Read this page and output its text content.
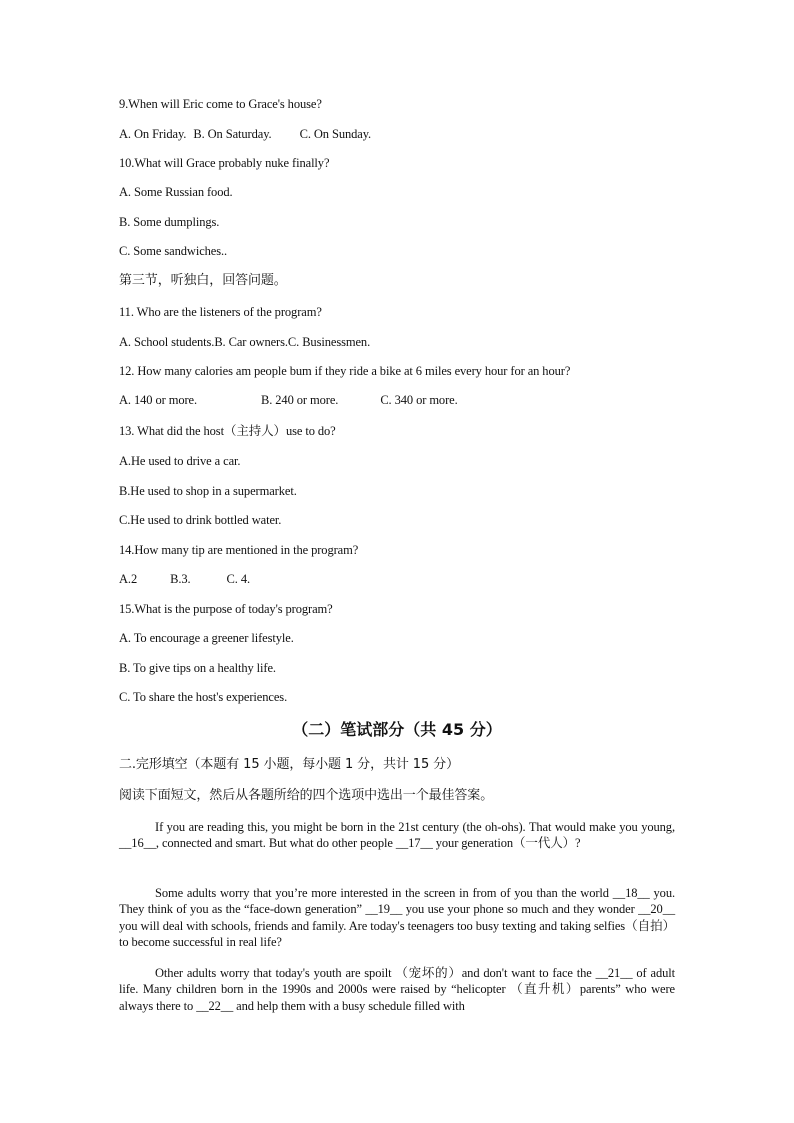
9.When will Eric come to Grace's house?
A. On Friday. B. On Saturday. C. On Sunday.
10.What will Grace probably nuke finally?
A. Some Russian food.
B. Some dumplings.
C. Some sandwiches..
第三节，听独白，回答问题。
11. Who are the listeners of the program?
A. School students.B. Car owners.C. Businessmen.
12. How many calories am people bum if they ride a bike at 6 miles every hour for an hour?
A. 140 or more.	B. 240 or more.	C. 340 or more.
13. What did the host（主持人）use to do?
A.He used to drive a car.
B.He used to shop in a supermarket.
C.He used to drink bottled water.
14.How many tip are mentioned in the program?
A.2	B.3.	C. 4.
15.What is the purpose of today's program?
A. To encourage a greener lifestyle.
B. To give tips on a healthy life.
C. To share the host's experiences.
（二）笔试部分（共 45 分）
二.完形填空（本题有 15 小题，每小题 1 分，共计 15 分）
阅读下面短文，然后从各题所给的四个选项中选出一个最佳答案。
If you are reading this, you might be born in the 21st century (the oh-ohs). That would make you young, __16__, connected and smart. But what do other people __17__ your generation（一代人）?
Some adults worry that you’re more interested in the screen in from of you than the world __18__ you. They think of you as the “face-down generation” __19__ you use your phone so much and they wonder __20__ you will deal with schools, friends and family. Are today's teenagers too busy texting and taking selfies（自拍）to become successful in real life?
Other adults worry that today's youth are spoilt （宠坏的）and don't want to face the __21__ of adult life. Many children born in the 1990s and 2000s were raised by “helicopter （直升机）parents” who were always there to __22__ and help them with a busy schedule filled with
